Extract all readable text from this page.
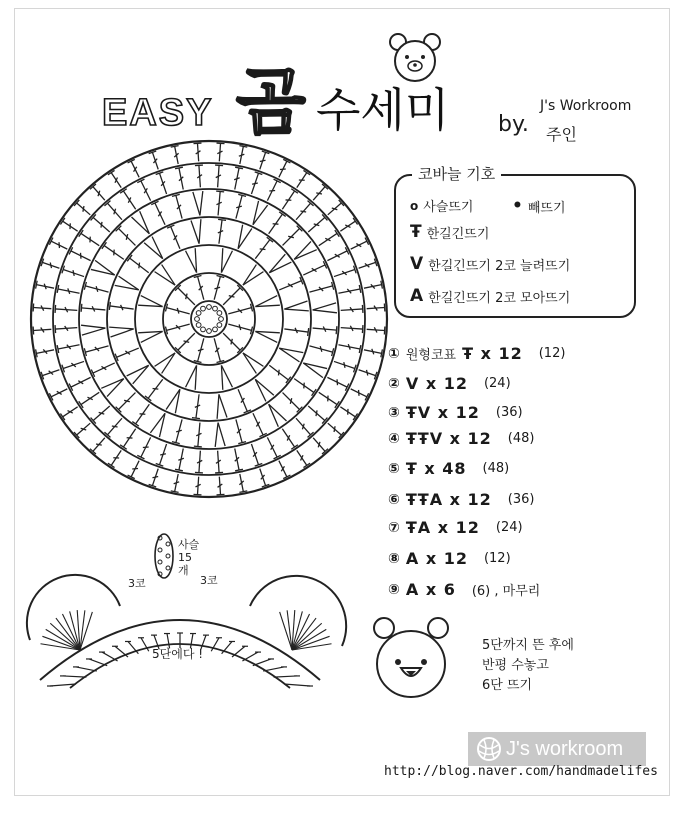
EASY 곰 수세미	J's Workroom
by. 주인
코바늘 기호
o 사슬뜨기 • 빼뜨기
Ŧ 한길긴뜨기
V 한길긴뜨기 2코 늘려뜨기
A 한길긴뜨기 2코 모아뜨기
① 원형코표 Ŧ x 12 (12)
② V x 12 (24)
③ ŦV x 12 (36)
④ ŦŦV x 12 (48)
⑤ Ŧ x 48 (48)
⑥ ŦŦA x 12 (36)
⑦ ŦA x 12 (24)
⑧ A x 12 (12)
⑨ A x 6 (6) , 마무리
사슬 15개
3코	3코
5단에다 !
5단까지 뜬 후에
반평 수놓고
6단 뜨기
J's workroom
http://blog.naver.com/handmadelifes
